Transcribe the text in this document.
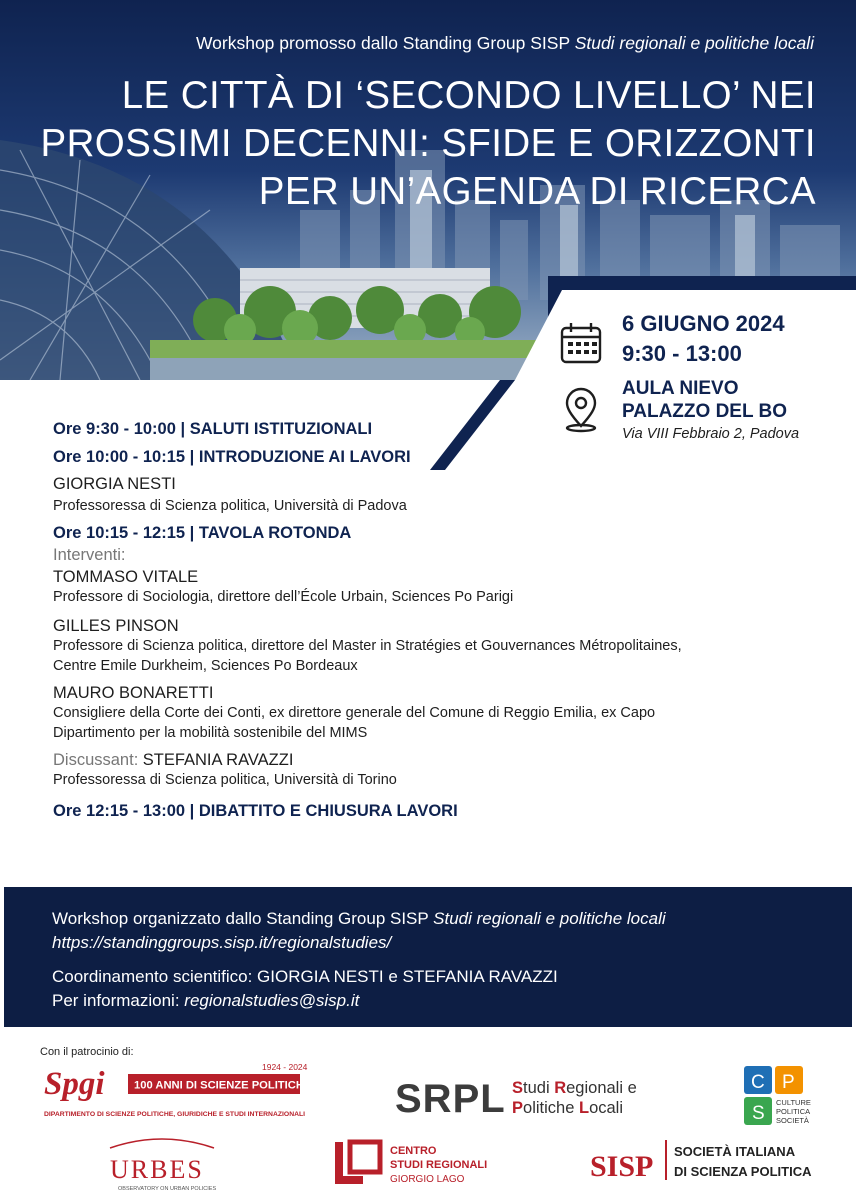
Workshop promosso dallo Standing Group SISP Studi regionali e politiche locali
LE CITTÀ DI ‘SECONDO LIVELLO’ NEI
PROSSIMI DECENNI: SFIDE E ORIZZONTI
PER UN’AGENDA DI RICERCA
6 GIUGNO 2024
9:30 - 13:00
AULA NIEVO
PALAZZO DEL BO
Via VIII Febbraio 2, Padova
Ore 9:30 - 10:00 | SALUTI ISTITUZIONALI
Ore 10:00 - 10:15 | INTRODUZIONE AI LAVORI
GIORGIA NESTI
Professoressa di Scienza politica, Università di Padova
Ore 10:15 - 12:15 | TAVOLA ROTONDA
Interventi:
TOMMASO VITALE
Professore di Sociologia, direttore dell’École Urbain, Sciences Po Parigi
GILLES PINSON
Professore di Scienza politica, direttore del Master in Stratégies et Gouvernances Métropolitaines,
Centre Emile Durkheim, Sciences Po Bordeaux
MAURO BONARETTI
Consigliere della Corte dei Conti, ex direttore generale del Comune di Reggio Emilia, ex Capo
Dipartimento per la mobilità sostenibile del MIMS
Discussant: STEFANIA RAVAZZI
Professoressa di Scienza politica, Università di Torino
Ore 12:15 - 13:00 | DIBATTITO E CHIUSURA LAVORI
Workshop organizzato dallo Standing Group SISP Studi regionali e politiche locali
https://standinggroups.sisp.it/regionalstudies/
Coordinamento scientifico: GIORGIA NESTI e STEFANIA RAVAZZI
Per informazioni: regionalstudies@sisp.it
Con il patrocinio di:
Spgi	1924 - 2024
100 ANNI DI SCIENZE POLITICHE
DIPARTIMENTO DI SCIENZE POLITICHE, GIURIDICHE E STUDI INTERNAZIONALI SRPL Studi Regionali e
Politiche Locali
C P
S
CULTURE
POLITICA
SOCIETÀ
URBES
OBSERVATORY ON URBAN POLICIES
CENTRO
STUDI REGIONALI
GIORGIO LAGO	SISP SOCIETÀ ITALIANA
DI SCIENZA POLITICA
